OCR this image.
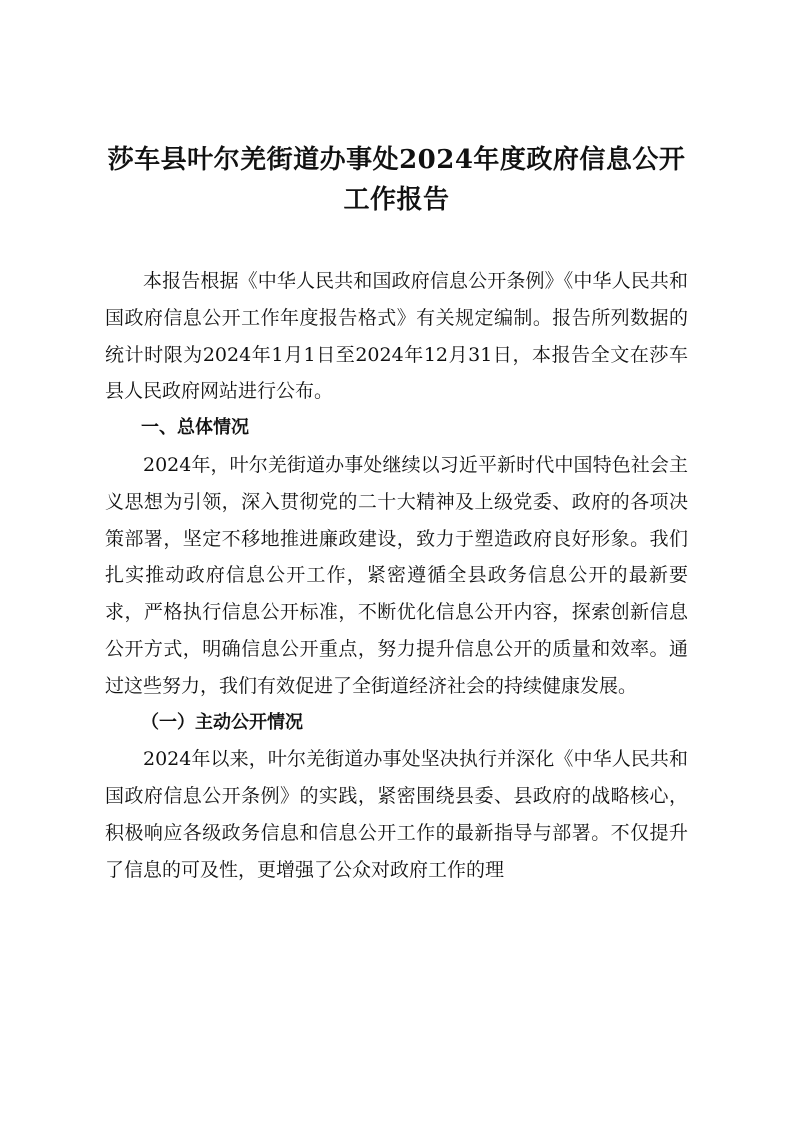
莎车县叶尔羌街道办事处2024年度政府信息公开
工作报告

本报告根据《中华人民共和国政府信息公开条例》《中华人民共和国政府信息公开工作年度报告格式》有关规定编制。报告所列数据的统计时限为2024年1月1日至2024年12月31日，本报告全文在莎车县人民政府网站进行公布。

一、总体情况

2024年，叶尔羌街道办事处继续以习近平新时代中国特色社会主义思想为引领，深入贯彻党的二十大精神及上级党委、政府的各项决策部署，坚定不移地推进廉政建设，致力于塑造政府良好形象。我们扎实推动政府信息公开工作，紧密遵循全县政务信息公开的最新要求，严格执行信息公开标准，不断优化信息公开内容，探索创新信息公开方式，明确信息公开重点，努力提升信息公开的质量和效率。通过这些努力，我们有效促进了全街道经济社会的持续健康发展。

（一）主动公开情况

2024年以来，叶尔羌街道办事处坚决执行并深化《中华人民共和国政府信息公开条例》的实践，紧密围绕县委、县政府的战略核心，积极响应各级政务信息和信息公开工作的最新指导与部署。不仅提升了信息的可及性，更增强了公众对政府工作的理
